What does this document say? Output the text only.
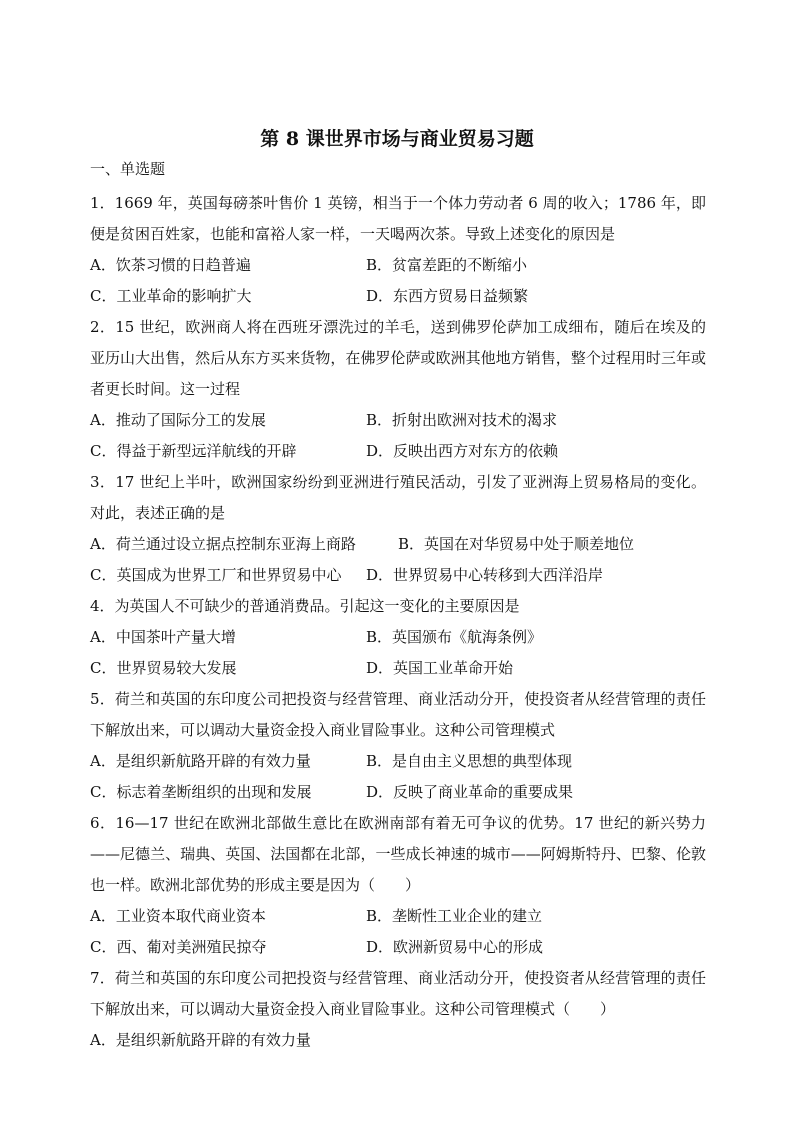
第 8 课世界市场与商业贸易习题
一、单选题
1．1669 年，英国每磅茶叶售价 1 英镑，相当于一个体力劳动者 6 周的收入；1786 年，即便是贫困百姓家，也能和富裕人家一样，一天喝两次茶。导致上述变化的原因是
A．饮茶习惯的日趋普遍	B．贫富差距的不断缩小
C．工业革命的影响扩大	D．东西方贸易日益频繁
2．15 世纪，欧洲商人将在西班牙漂洗过的羊毛，送到佛罗伦萨加工成细布，随后在埃及的亚历山大出售，然后从东方买来货物，在佛罗伦萨或欧洲其他地方销售，整个过程用时三年或者更长时间。这一过程
A．推动了国际分工的发展	B．折射出欧洲对技术的渴求
C．得益于新型远洋航线的开辟	D．反映出西方对东方的依赖
3．17 世纪上半叶，欧洲国家纷纷到亚洲进行殖民活动，引发了亚洲海上贸易格局的变化。对此，表述正确的是
A．荷兰通过设立据点控制东亚海上商路	B．英国在对华贸易中处于顺差地位
C．英国成为世界工厂和世界贸易中心	D．世界贸易中心转移到大西洋沿岸
4．为英国人不可缺少的普通消费品。引起这一变化的主要原因是
A．中国茶叶产量大增	B．英国颁布《航海条例》
C．世界贸易较大发展	D．英国工业革命开始
5．荷兰和英国的东印度公司把投资与经营管理、商业活动分开，使投资者从经营管理的责任下解放出来，可以调动大量资金投入商业冒险事业。这种公司管理模式
A．是组织新航路开辟的有效力量	B．是自由主义思想的典型体现
C．标志着垄断组织的出现和发展	D．反映了商业革命的重要成果
6．16—17 世纪在欧洲北部做生意比在欧洲南部有着无可争议的优势。17 世纪的新兴势力——尼德兰、瑞典、英国、法国都在北部，一些成长神速的城市——阿姆斯特丹、巴黎、伦敦也一样。欧洲北部优势的形成主要是因为（　　）
A．工业资本取代商业资本	B．垄断性工业企业的建立
C．西、葡对美洲殖民掠夺	D．欧洲新贸易中心的形成
7．荷兰和英国的东印度公司把投资与经营管理、商业活动分开，使投资者从经营管理的责任下解放出来，可以调动大量资金投入商业冒险事业。这种公司管理模式（　　）
A．是组织新航路开辟的有效力量
